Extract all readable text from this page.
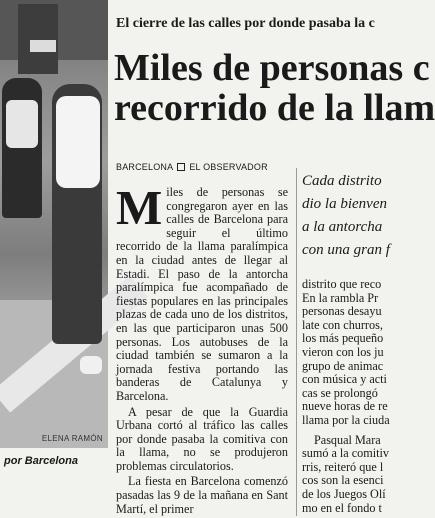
ELENA RAMÓN
por Barcelona
El cierre de las calles por donde pasaba la c
Miles de personas c
recorrido de la llam
BARCELONA EL OBSERVADOR
Miles de personas se congregaron ayer en las calles de Barcelona para seguir el último recorrido de la llama paralímpica en la ciudad antes de llegar al Estadi. El paso de la antorcha paralímpica fue acompañado de fiestas populares en las principales plazas de cada uno de los distritos, en las que participaron unas 500 personas. Los autobuses de la ciudad también se sumaron a la jornada festiva portando las banderas de Catalunya y Barcelona.
A pesar de que la Guardia Urbana cortó al tráfico las calles por donde pasaba la comitiva con la llama, no se produjeron problemas circulatorios.
La fiesta en Barcelona comenzó pasadas las 9 de la mañana en Sant Martí, el primer
Cada distrito
dio la bienven
a la antorcha
con una gran f
distrito que reco
En la rambla Pr
personas desayu
late con churros,
los más pequeño
vieron con los ju
grupo de animac
con música y acti
cas se prolongó
nueve horas de re
llama por la ciuda
Pasqual Mara
sumó a la comitiv
rris, reiteró que l
cos son la esenci
de los Juegos Olí
mo en el fondo t
